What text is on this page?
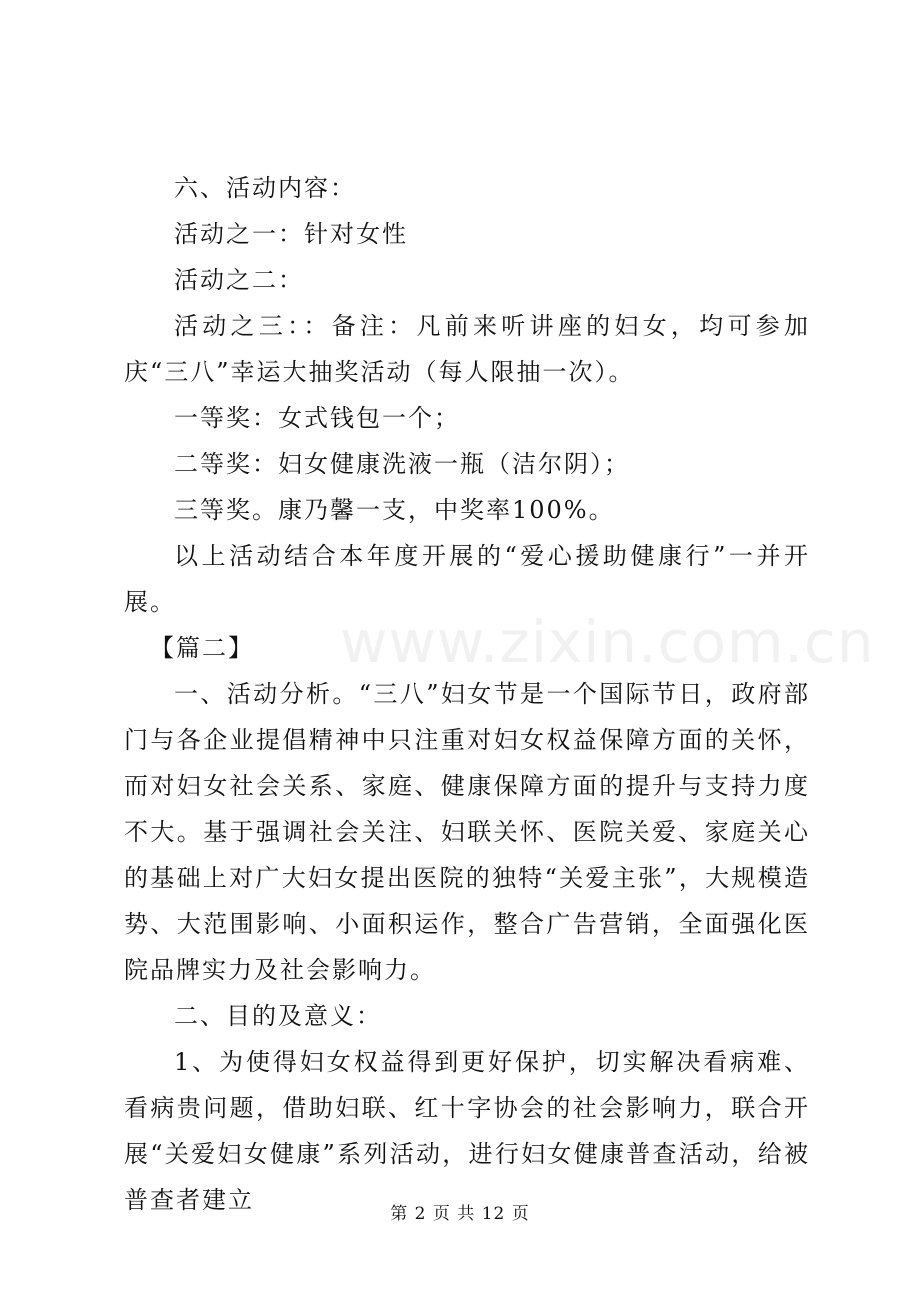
六、活动内容：

活动之一：针对女性

活动之二：

活动之三：：备注：凡前来听讲座的妇女，均可参加庆“三八”幸运大抽奖活动（每人限抽一次）。

一等奖：女式钱包一个；

二等奖：妇女健康洗液一瓶（洁尔阴）；

三等奖。康乃馨一支，中奖率100%。

以上活动结合本年度开展的“爱心援助健康行”一并开展。

【篇二】

一、活动分析。“三八”妇女节是一个国际节日，政府部门与各企业提倡精神中只注重对妇女权益保障方面的关怀，而对妇女社会关系、家庭、健康保障方面的提升与支持力度不大。基于强调社会关注、妇联关怀、医院关爱、家庭关心的基础上对广大妇女提出医院的独特“关爱主张”，大规模造势、大范围影响、小面积运作，整合广告营销，全面强化医院品牌实力及社会影响力。

二、目的及意义：

1、为使得妇女权益得到更好保护，切实解决看病难、看病贵问题，借助妇联、红十字协会的社会影响力，联合开展“关爱妇女健康”系列活动，进行妇女健康普查活动，给被普查者建立

www.zixin.com.cn
第 2 页 共 12 页
